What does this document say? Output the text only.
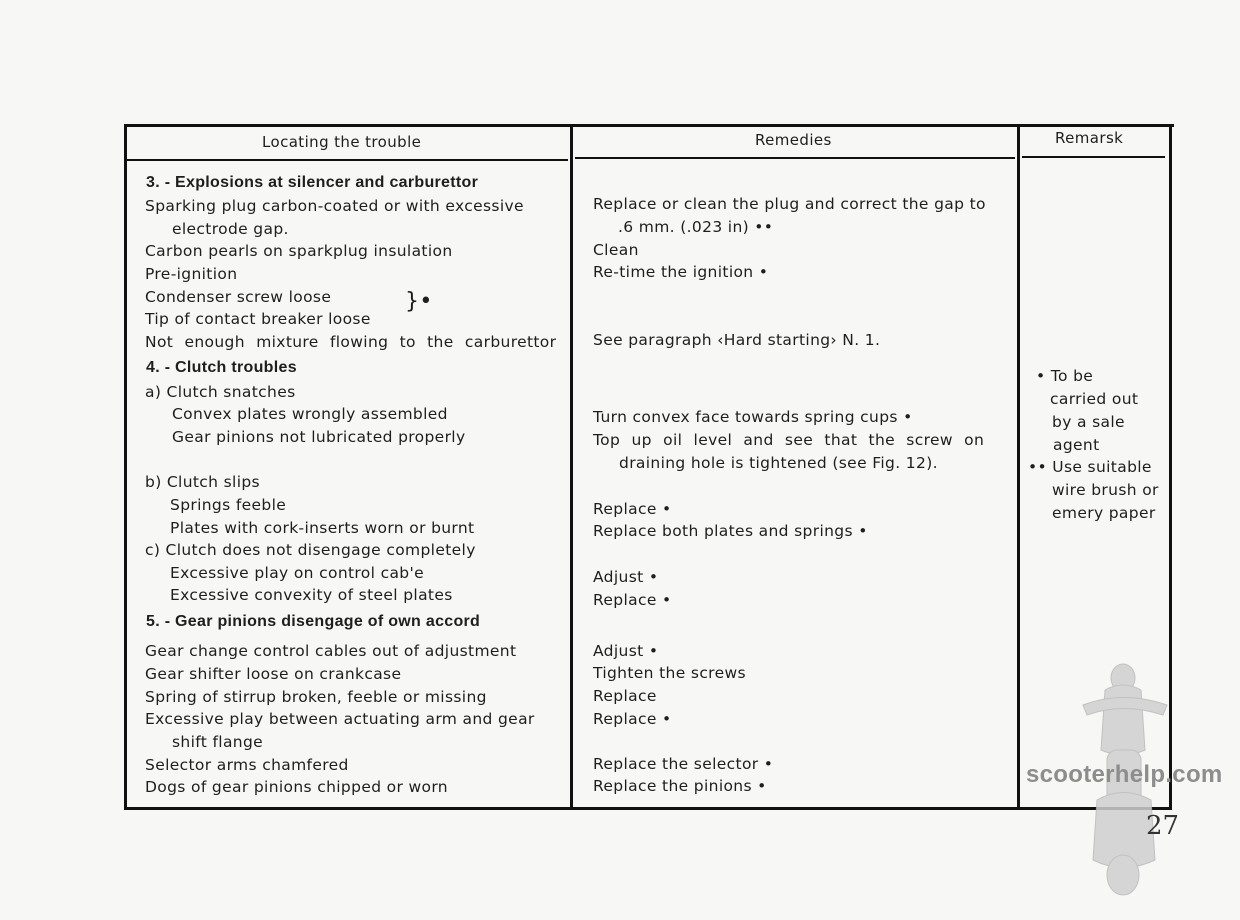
Locating the trouble	Remedies	Remarsk
3. - Explosions at silencer and carburettor
Sparking plug carbon-coated or with excessive
electrode gap.
Carbon pearls on sparkplug insulation
Pre-ignition
Condenser screw loose
Tip of contact breaker loose
}•
Not enough mixture flowing to the carburettor
Replace or clean the plug and correct the gap to
.6 mm. (.023 in) ••
Clean
Re-time the ignition •
See paragraph ‹Hard starting› N. 1.
4. - Clutch troubles
a) Clutch snatches
Convex plates wrongly assembled
Gear pinions not lubricated properly
b) Clutch slips
Springs feeble
Plates with cork-inserts worn or burnt
c) Clutch does not disengage completely
Excessive play on control cab'e
Excessive convexity of steel plates
Turn convex face towards spring cups •
Top up oil level and see that the screw on
draining hole is tightened (see Fig. 12).
Replace •
Replace both plates and springs •
Adjust •
Replace •
5. - Gear pinions disengage of own accord
Gear change control cables out of adjustment
Gear shifter loose on crankcase
Spring of stirrup broken, feeble or missing
Excessive play between actuating arm and gear
shift flange
Selector arms chamfered
Dogs of gear pinions chipped or worn
Adjust •
Tighten the screws
Replace
Replace •
Replace the selector •
Replace the pinions •
• To be
carried out
by a sale
agent
•• Use suitable
wire brush or
emery paper
scooterhelp.com
27
